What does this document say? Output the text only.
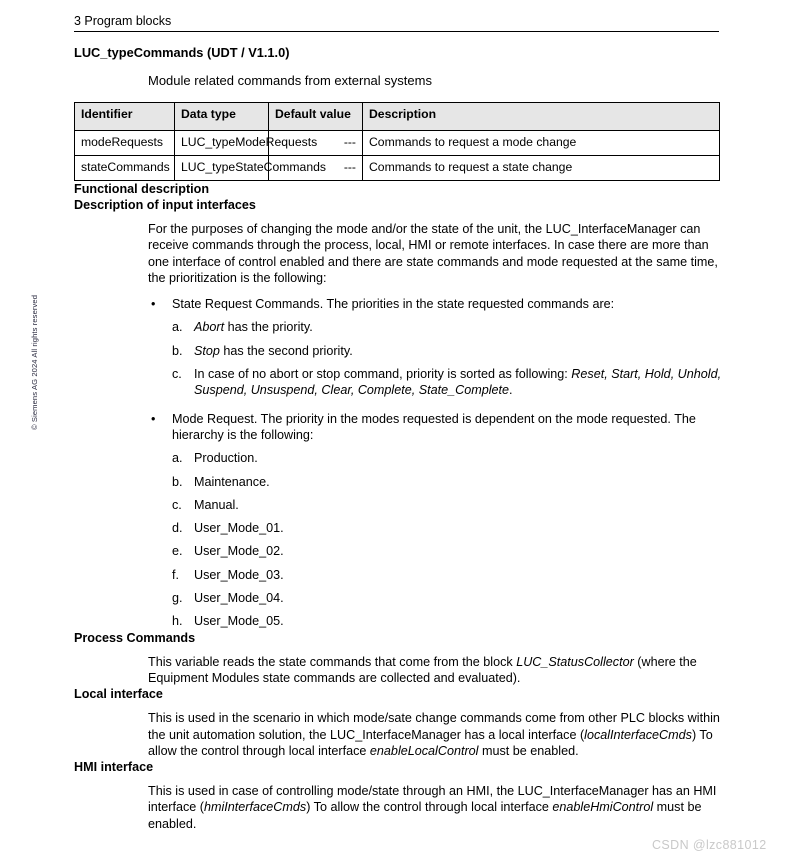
3 Program blocks
© Siemens AG 2024 All rights reserved
LUC_typeCommands (UDT / V1.1.0)
Module related commands from external systems
Identifier	Data type	Default value	Description
modeRequests	LUC_typeModeRequests	---	Commands to request a mode change
stateCommands	LUC_typeStateCommands	---	Commands to request a state change
Functional description
Description of input interfaces

For the purposes of changing the mode and/or the state of the unit, the LUC_InterfaceManager can receive commands through the process, local, HMI or remote interfaces. In case there are more than one interface of control enabled and there are state commands and mode requested at the same time, the prioritization is the following:

• State Request Commands. The priorities in the state requested commands are:
a. Abort has the priority.
b. Stop has the second priority.
c. In case of no abort or stop command, priority is sorted as following: Reset, Start, Hold, Unhold, Suspend, Unsuspend, Clear, Complete, State_Complete.
• Mode Request. The priority in the modes requested is dependent on the mode requested. The hierarchy is the following:
a. Production.
b. Maintenance.
c. Manual.
d. User_Mode_01.
e. User_Mode_02.
f. User_Mode_03.
g. User_Mode_04.
h. User_Mode_05.
Process Commands

This variable reads the state commands that come from the block LUC_StatusCollector (where the Equipment Modules state commands are collected and evaluated).

Local interface

This is used in the scenario in which mode/sate change commands come from other PLC blocks within the unit automation solution, the LUC_InterfaceManager has a local interface (localInterfaceCmds) To allow the control through local interface enableLocalControl must be enabled.

HMI interface

This is used in case of controlling mode/state through an HMI, the LUC_InterfaceManager has an HMI interface (hmiInterfaceCmds) To allow the control through local interface enableHmiControl must be enabled.

CSDN @lzc881012
